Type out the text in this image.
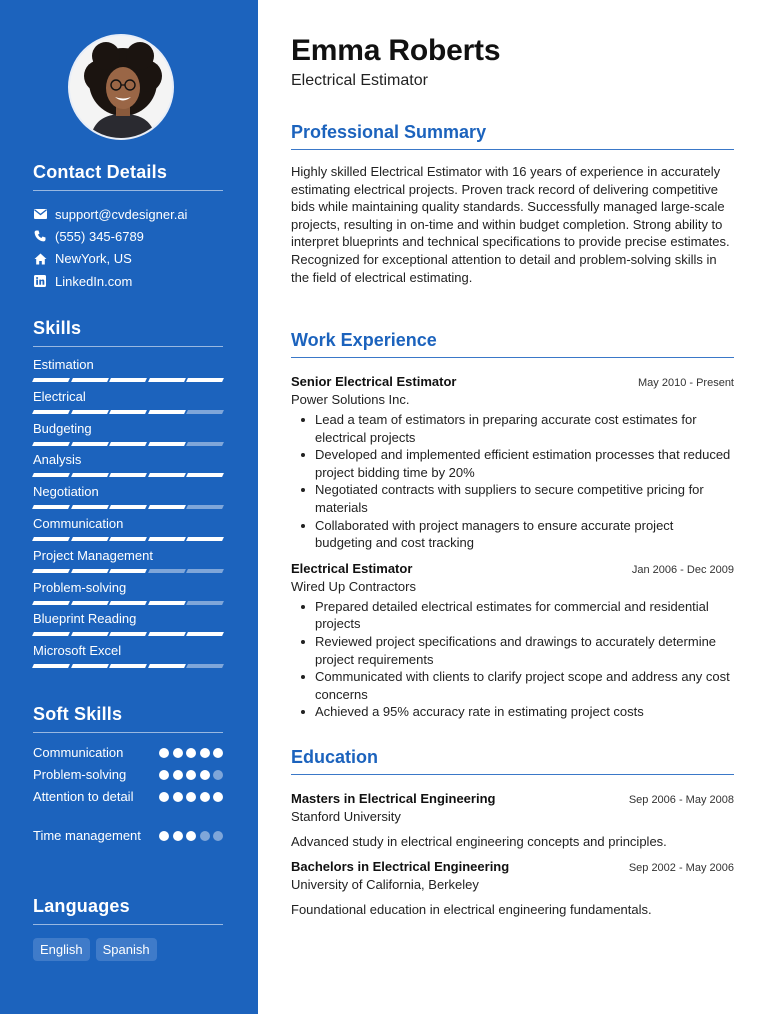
Contact Details
support@cvdesigner.ai
(555) 345-6789
NewYork, US
LinkedIn.com
Skills
Estimation
Electrical
Budgeting
Analysis
Negotiation
Communication
Project Management
Problem-solving
Blueprint Reading
Microsoft Excel
Soft Skills
Communication
Problem-solving
Attention to detail
Time management
Languages
English	Spanish
Emma Roberts
Electrical Estimator
Professional Summary

Highly skilled Electrical Estimator with 16 years of experience in accurately estimating electrical projects. Proven track record of delivering competitive bids while maintaining quality standards. Successfully managed large-scale projects, resulting in on-time and within budget completion. Strong ability to interpret blueprints and technical specifications to provide precise estimates. Recognized for exceptional attention to detail and problem-solving skills in the field of electrical estimating.

Work Experience
Senior Electrical Estimator	May 2010 - Present
Power Solutions Inc.
Lead a team of estimators in preparing accurate cost estimates for electrical projects
Developed and implemented efficient estimation processes that reduced project bidding time by 20%
Negotiated contracts with suppliers to secure competitive pricing for materials
Collaborated with project managers to ensure accurate project budgeting and cost tracking
Electrical Estimator	Jan 2006 - Dec 2009
Wired Up Contractors
Prepared detailed electrical estimates for commercial and residential projects
Reviewed project specifications and drawings to accurately determine project requirements
Communicated with clients to clarify project scope and address any cost concerns
Achieved a 95% accuracy rate in estimating project costs
Education
Masters in Electrical Engineering	Sep 2006 - May 2008
Stanford University
Advanced study in electrical engineering concepts and principles.
Bachelors in Electrical Engineering	Sep 2002 - May 2006
University of California, Berkeley
Foundational education in electrical engineering fundamentals.
